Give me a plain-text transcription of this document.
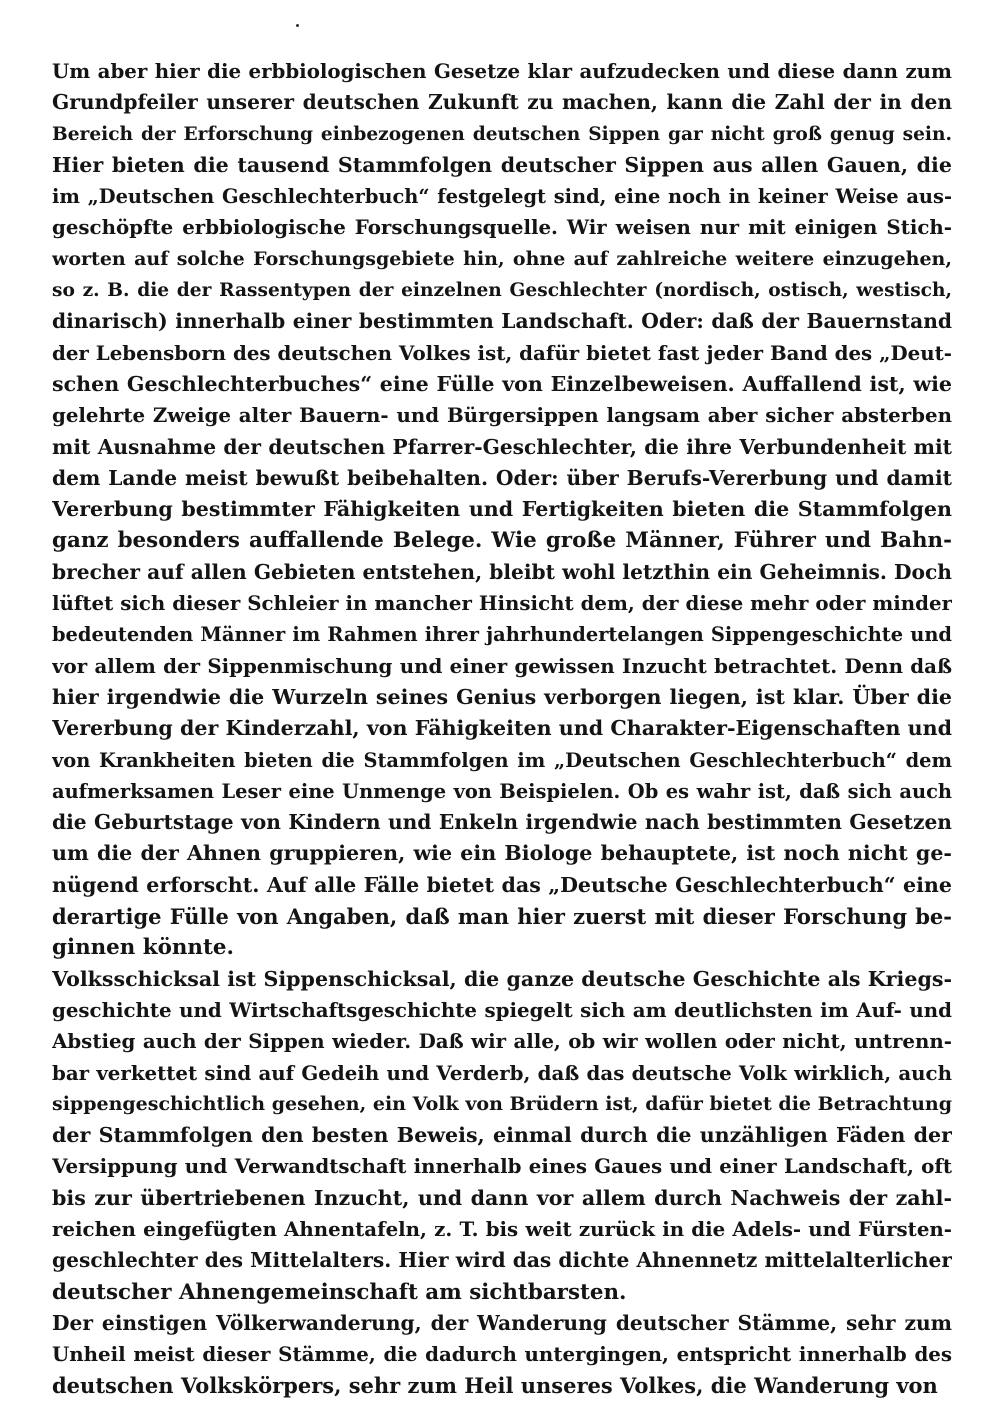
Um aber hier die erbbiologischen Gesetze klar aufzudecken und diese dann zum
Grundpfeiler unserer deutschen Zukunft zu machen, kann die Zahl der in den
Bereich der Erforschung einbezogenen deutschen Sippen gar nicht groß genug sein.
Hier bieten die tausend Stammfolgen deutscher Sippen aus allen Gauen, die
im „Deutschen Geschlechterbuch“ festgelegt sind, eine noch in keiner Weise aus-
geschöpfte erbbiologische Forschungsquelle. Wir weisen nur mit einigen Stich-
worten auf solche Forschungsgebiete hin, ohne auf zahlreiche weitere einzugehen,
so z. B. die der Rassentypen der einzelnen Geschlechter (nordisch, ostisch, westisch,
dinarisch) innerhalb einer bestimmten Landschaft. Oder: daß der Bauernstand
der Lebensborn des deutschen Volkes ist, dafür bietet fast jeder Band des „Deut-
schen Geschlechterbuches“ eine Fülle von Einzelbeweisen. Auffallend ist, wie
gelehrte Zweige alter Bauern- und Bürgersippen langsam aber sicher absterben
mit Ausnahme der deutschen Pfarrer-Geschlechter, die ihre Verbundenheit mit
dem Lande meist bewußt beibehalten. Oder: über Berufs-Vererbung und damit
Vererbung bestimmter Fähigkeiten und Fertigkeiten bieten die Stammfolgen
ganz besonders auffallende Belege. Wie große Männer, Führer und Bahn-
brecher auf allen Gebieten entstehen, bleibt wohl letzthin ein Geheimnis. Doch
lüftet sich dieser Schleier in mancher Hinsicht dem, der diese mehr oder minder
bedeutenden Männer im Rahmen ihrer jahrhundertelangen Sippengeschichte und
vor allem der Sippenmischung und einer gewissen Inzucht betrachtet. Denn daß
hier irgendwie die Wurzeln seines Genius verborgen liegen, ist klar. Über die
Vererbung der Kinderzahl, von Fähigkeiten und Charakter-Eigenschaften und
von Krankheiten bieten die Stammfolgen im „Deutschen Geschlechterbuch“ dem
aufmerksamen Leser eine Unmenge von Beispielen. Ob es wahr ist, daß sich auch
die Geburtstage von Kindern und Enkeln irgendwie nach bestimmten Gesetzen
um die der Ahnen gruppieren, wie ein Biologe behauptete, ist noch nicht ge-
nügend erforscht. Auf alle Fälle bietet das „Deutsche Geschlechterbuch“ eine
derartige Fülle von Angaben, daß man hier zuerst mit dieser Forschung be-
ginnen könnte.
Volksschicksal ist Sippenschicksal, die ganze deutsche Geschichte als Kriegs-
geschichte und Wirtschaftsgeschichte spiegelt sich am deutlichsten im Auf- und
Abstieg auch der Sippen wieder. Daß wir alle, ob wir wollen oder nicht, untrenn-
bar verkettet sind auf Gedeih und Verderb, daß das deutsche Volk wirklich, auch
sippengeschichtlich gesehen, ein Volk von Brüdern ist, dafür bietet die Betrachtung
der Stammfolgen den besten Beweis, einmal durch die unzähligen Fäden der
Versippung und Verwandtschaft innerhalb eines Gaues und einer Landschaft, oft
bis zur übertriebenen Inzucht, und dann vor allem durch Nachweis der zahl-
reichen eingefügten Ahnentafeln, z. T. bis weit zurück in die Adels- und Fürsten-
geschlechter des Mittelalters. Hier wird das dichte Ahnennetz mittelalterlicher
deutscher Ahnengemeinschaft am sichtbarsten.
Der einstigen Völkerwanderung, der Wanderung deutscher Stämme, sehr zum
Unheil meist dieser Stämme, die dadurch untergingen, entspricht innerhalb des
deutschen Volkskörpers, sehr zum Heil unseres Volkes, die Wanderung von
